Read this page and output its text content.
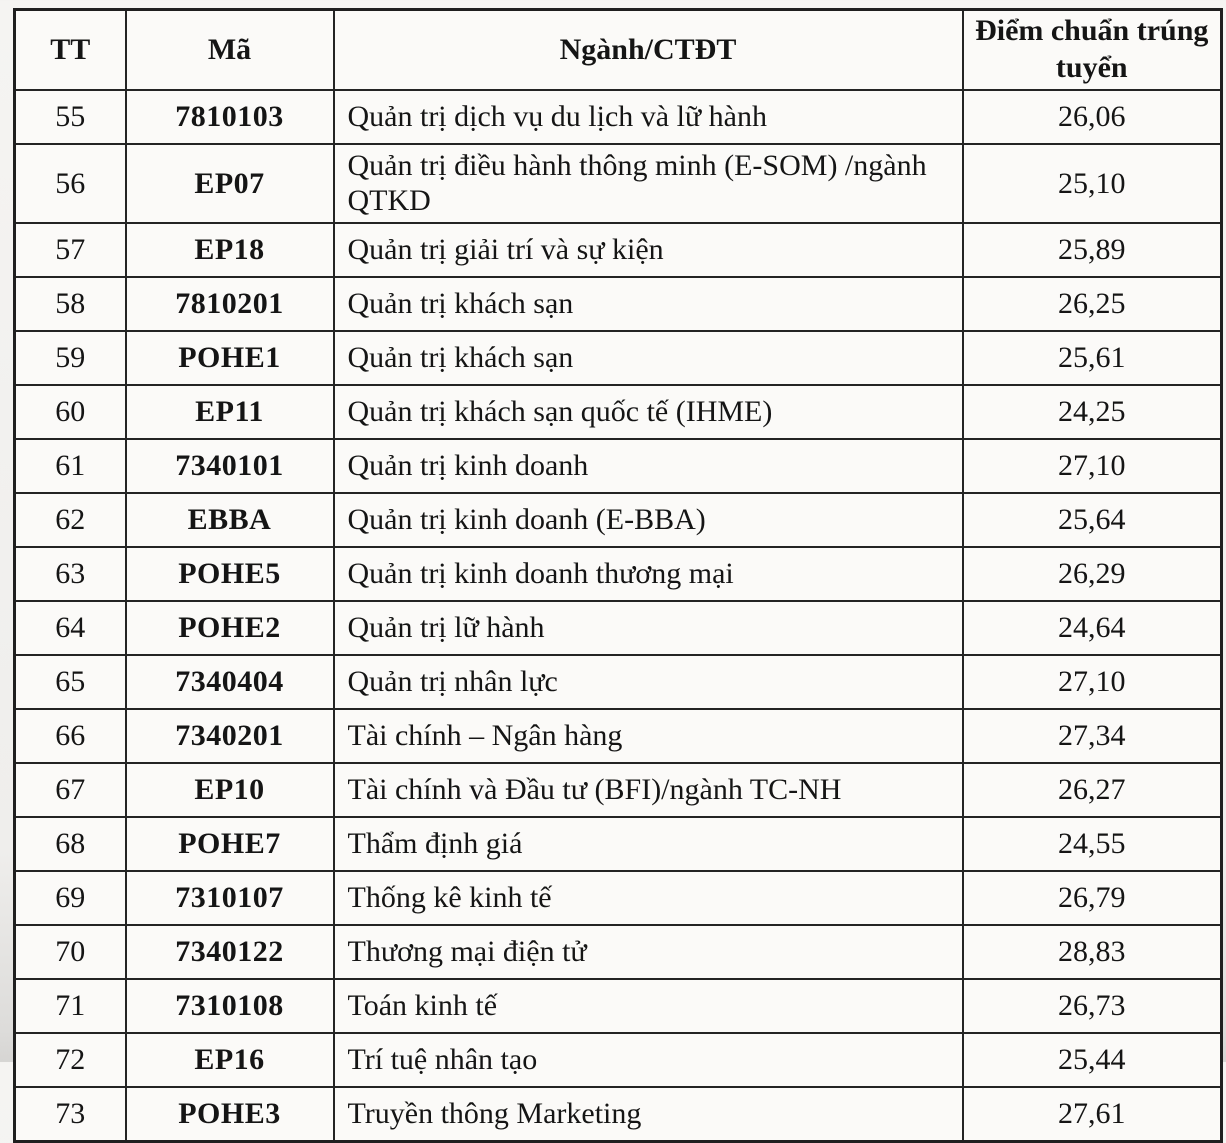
TT	Mã	Ngành/CTĐT	Điểm chuẩn trúng tuyển
55	7810103	Quản trị dịch vụ du lịch và lữ hành	26,06
56	EP07	Quản trị điều hành thông minh (E-SOM) /ngành QTKD	25,10
57	EP18	Quản trị giải trí và sự kiện	25,89
58	7810201	Quản trị khách sạn	26,25
59	POHE1	Quản trị khách sạn	25,61
60	EP11	Quản trị khách sạn quốc tế (IHME)	24,25
61	7340101	Quản trị kinh doanh	27,10
62	EBBA	Quản trị kinh doanh (E-BBA)	25,64
63	POHE5	Quản trị kinh doanh thương mại	26,29
64	POHE2	Quản trị lữ hành	24,64
65	7340404	Quản trị nhân lực	27,10
66	7340201	Tài chính – Ngân hàng	27,34
67	EP10	Tài chính và Đầu tư (BFI)/ngành TC-NH	26,27
68	POHE7	Thẩm định giá	24,55
69	7310107	Thống kê kinh tế	26,79
70	7340122	Thương mại điện tử	28,83
71	7310108	Toán kinh tế	26,73
72	EP16	Trí tuệ nhân tạo	25,44
73	POHE3	Truyền thông Marketing	27,61
